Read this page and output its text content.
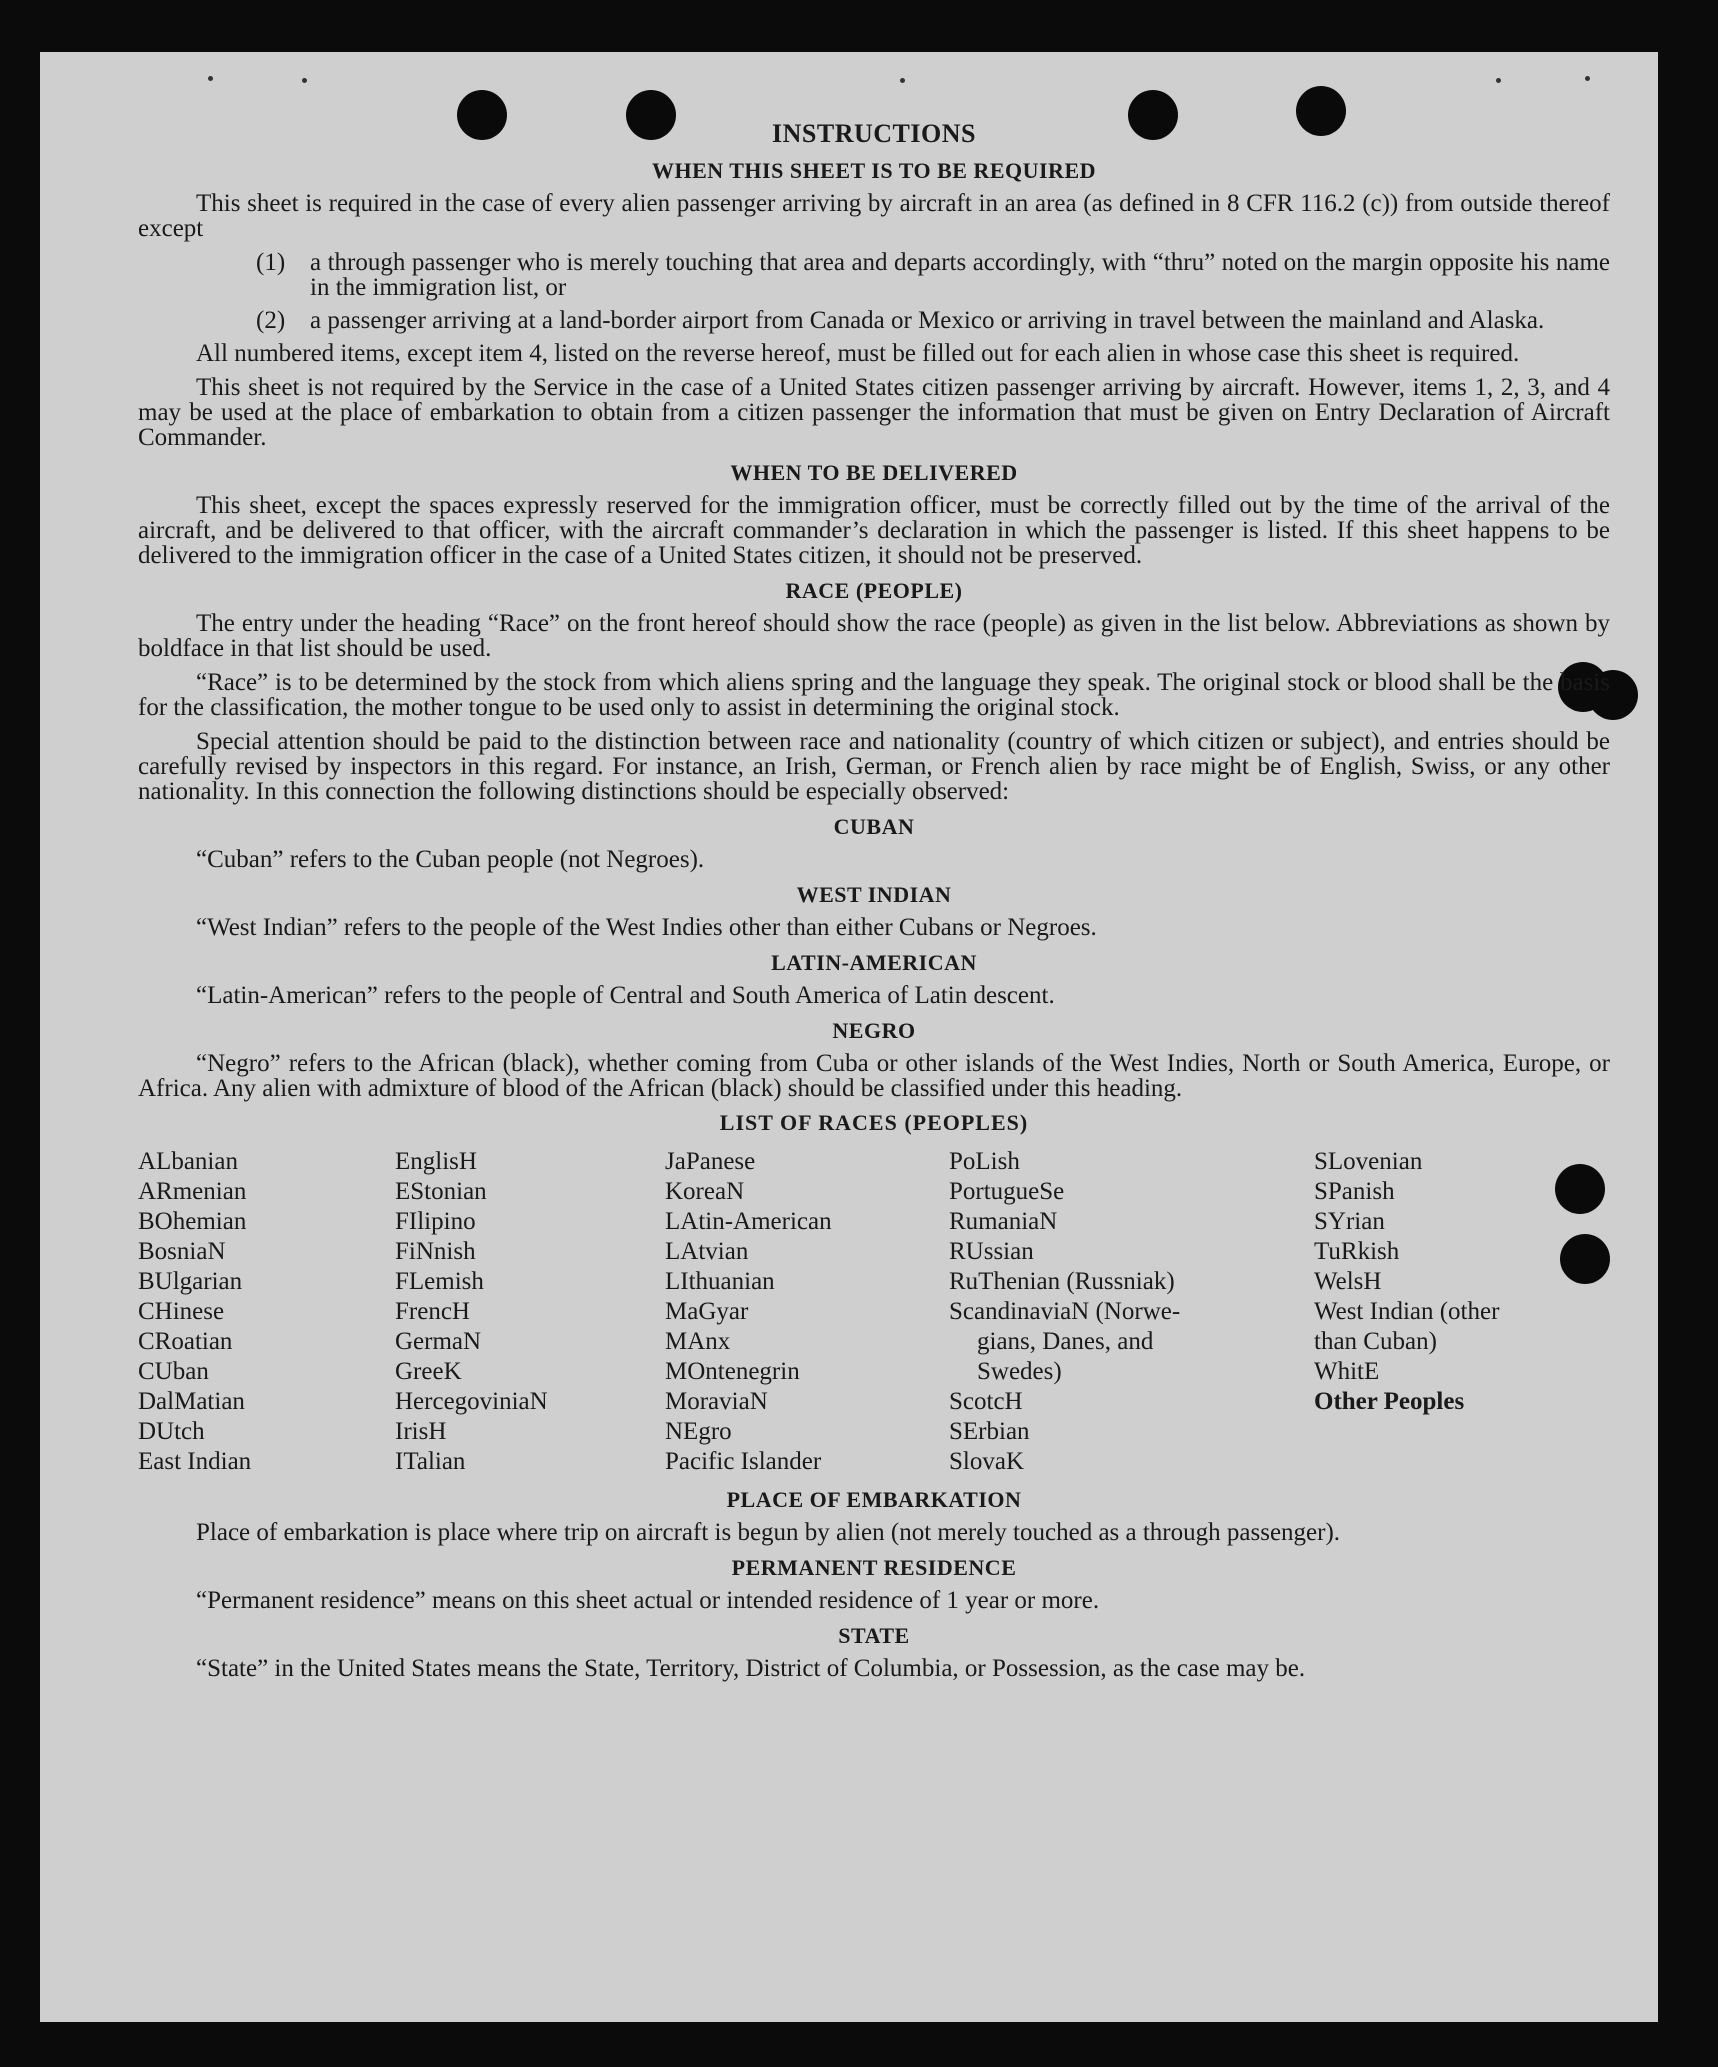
INSTRUCTIONS
WHEN THIS SHEET IS TO BE REQUIRED
This sheet is required in the case of every alien passenger arriving by aircraft in an area (as defined in 8 CFR 116.2 (c)) from outside thereof except
(1) a through passenger who is merely touching that area and departs accordingly, with “thru” noted on the margin opposite his name in the immigration list, or
(2) a passenger arriving at a land-border airport from Canada or Mexico or arriving in travel between the mainland and Alaska.
All numbered items, except item 4, listed on the reverse hereof, must be filled out for each alien in whose case this sheet is required.
This sheet is not required by the Service in the case of a United States citizen passenger arriving by aircraft. However, items 1, 2, 3, and 4 may be used at the place of embarkation to obtain from a citizen passenger the information that must be given on Entry Declaration of Aircraft Commander.
WHEN TO BE DELIVERED
This sheet, except the spaces expressly reserved for the immigration officer, must be correctly filled out by the time of the arrival of the aircraft, and be delivered to that officer, with the aircraft commander’s declaration in which the passenger is listed. If this sheet happens to be delivered to the immigration officer in the case of a United States citizen, it should not be preserved.
RACE (PEOPLE)
The entry under the heading “Race” on the front hereof should show the race (people) as given in the list below. Abbreviations as shown by boldface in that list should be used.
“Race” is to be determined by the stock from which aliens spring and the language they speak. The original stock or blood shall be the basis for the classification, the mother tongue to be used only to assist in determining the original stock.
Special attention should be paid to the distinction between race and nationality (country of which citizen or subject), and entries should be carefully revised by inspectors in this regard. For instance, an Irish, German, or French alien by race might be of English, Swiss, or any other nationality. In this connection the following distinctions should be especially observed:
CUBAN
“Cuban” refers to the Cuban people (not Negroes).
WEST INDIAN
“West Indian” refers to the people of the West Indies other than either Cubans or Negroes.
LATIN-AMERICAN
“Latin-American” refers to the people of Central and South America of Latin descent.
NEGRO
“Negro” refers to the African (black), whether coming from Cuba or other islands of the West Indies, North or South America, Europe, or Africa. Any alien with admixture of blood of the African (black) should be classified under this heading.
LIST OF RACES (PEOPLES)
ALbanian
ARmenian
BOhemian
BosniaN
BUlgarian
CHinese
CRoatian
CUban
DalMatian
DUtch
East Indian
EnglisH
EStonian
FIlipino
FiNnish
FLemish
FrencH
GermaN
GreeK
HercegoviniaN
IrisH
ITalian
JaPanese
KoreaN
LAtin-American
LAtvian
LIthuanian
MaGyar
MAnx
MOntenegrin
MoraviaN
NEgro
Pacific Islander
PoLish
PortugueSe
RumaniaN
RUssian
RuThenian (Russniak)
ScandinaviaN (Norwe-
gians, Danes, and
Swedes)
ScotcH
SErbian
SlovaK
SLovenian
SPanish
SYrian
TuRkish
WelsH
West Indian (other
than Cuban)
WhitE
Other Peoples
PLACE OF EMBARKATION
Place of embarkation is place where trip on aircraft is begun by alien (not merely touched as a through passenger).
PERMANENT RESIDENCE
“Permanent residence” means on this sheet actual or intended residence of 1 year or more.
STATE
“State” in the United States means the State, Territory, District of Columbia, or Possession, as the case may be.
